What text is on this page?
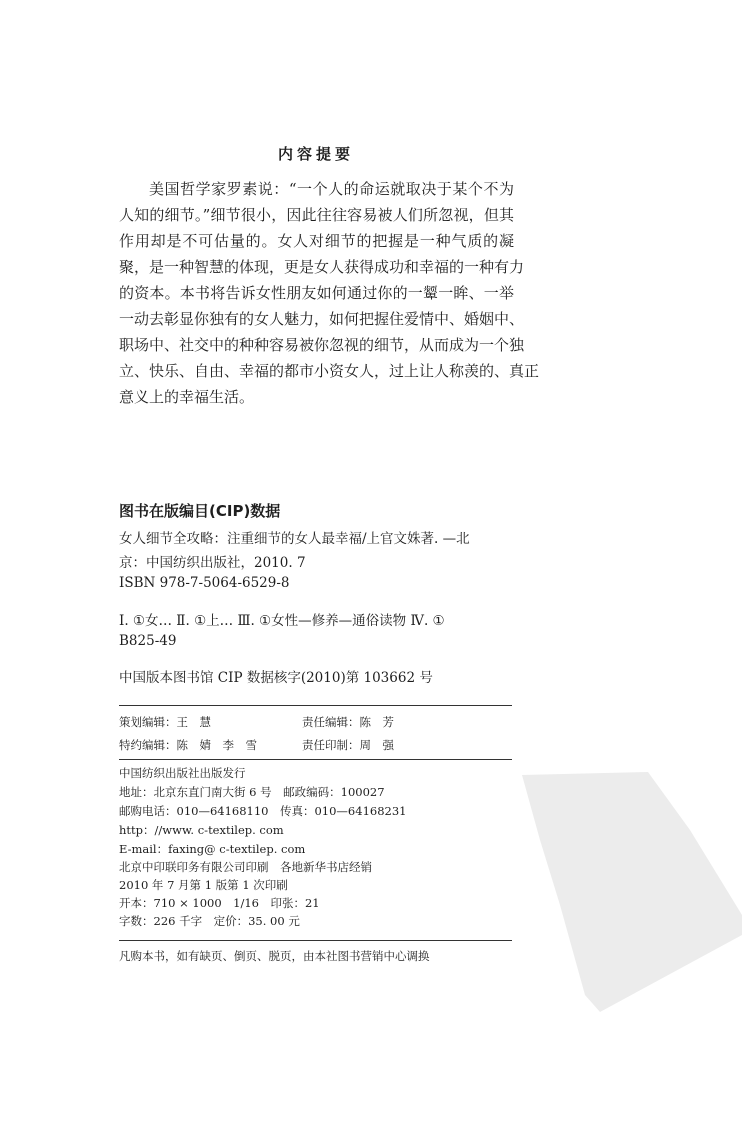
内容提要
美国哲学家罗素说：“一个人的命运就取决于某个不为
人知的细节。”细节很小，因此往往容易被人们所忽视，但其
作用却是不可估量的。女人对细节的把握是一种气质的凝
聚，是一种智慧的体现，更是女人获得成功和幸福的一种有力
的资本。本书将告诉女性朋友如何通过你的一颦一眸、一举
一动去彰显你独有的女人魅力，如何把握住爱情中、婚姻中、
职场中、社交中的种种容易被你忽视的细节，从而成为一个独
立、快乐、自由、幸福的都市小资女人，过上让人称羡的、真正
意义上的幸福生活。
图书在版编目(CIP)数据
女人细节全攻略：注重细节的女人最幸福/上官文姝著. —北
京：中国纺织出版社，2010. 7
ISBN 978-7-5064-6529-8
Ⅰ. ①女… Ⅱ. ①上… Ⅲ. ①女性—修养—通俗读物 Ⅳ. ①
B825-49
中国版本图书馆 CIP 数据核字(2010)第 103662 号
策划编辑：王　慧	责任编辑：陈　芳
特约编辑：陈　婧　李　雪	责任印制：周　强
中国纺织出版社出版发行
地址：北京东直门南大街 6 号　邮政编码：100027
邮购电话：010—64168110　传真：010—64168231
http：//www. c-textilep. com
E-mail：faxing@ c-textilep. com
北京中印联印务有限公司印刷　各地新华书店经销
2010 年 7 月第 1 版第 1 次印刷
开本：710 × 1000　1/16　印张：21
字数：226 千字　定价：35. 00 元
凡购本书，如有缺页、倒页、脱页，由本社图书营销中心调换
